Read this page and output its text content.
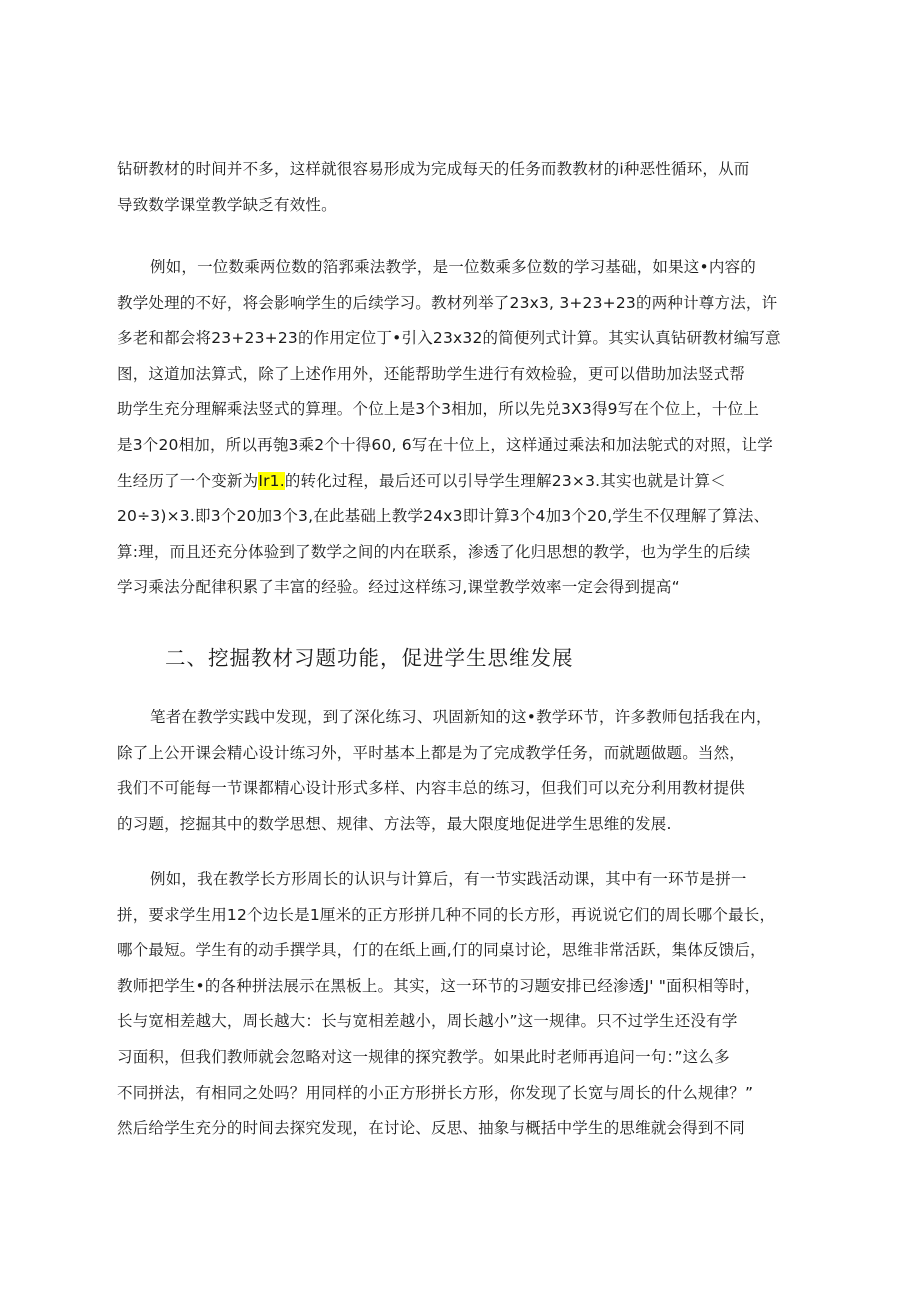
钻研教材的时间并不多，这样就很容易形成为完成每天的任务而教教材的i种恶性循环，从而
导致数学课堂教学缺乏有效性。
例如，一位数乘两位数的箔郛乘法教学，是一位数乘多位数的学习基础，如果这•内容的
教学处理的不好，将会影响学生的后续学习。教材列举了23x3, 3+23+23的两种计尊方法，许
多老和都会将23+23+23的作用定位丁•引入23x32的简便列式计算。其实认真钻研教材编写意
图，这道加法算式，除了上述作用外，还能帮助学生进行有效检验，更可以借助加法竖式帮
助学生充分理解乘法竖式的算理。个位上是3个3相加，所以先兑3X3得9写在个位上，十位上
是3个20相加，所以再匏3乘2个十得60, 6写在十位上，这样通过乘法和加法鸵式的对照，让学
生经历了一个变新为Ir1.的转化过程，最后还可以引导学生理解23×3.其实也就是计算＜
20÷3)×3.即3个20加3个3,在此基础上教学24x3即计算3个4加3个20,学生不仅理解了算法、
算:理，而且还充分体验到了数学之间的内在联系，渗透了化归思想的教学，也为学生的后续
学习乘法分配律积累了丰富的经验。经过这样练习,课堂教学效率一定会得到提高“
二、挖掘教材习题功能，促进学生思维发展
笔者在教学实践中发现，到了深化练习、巩固新知的这•教学环节，许多教师包括我在内，
除了上公开课会精心设计练习外，平时基本上都是为了完成教学任务，而就题做题。当然，
我们不可能每一节课都精心设计形式多样、内容丰总的练习，但我们可以充分利用教材提供
的习题，挖掘其中的数学思想、规律、方法等，最大限度地促进学生思维的发展.
例如，我在教学长方形周长的认识与计算后，有一节实践活动课，其中有一环节是拼一
拼，要求学生用12个边长是1厘米的正方形拼几种不同的长方形，再说说它们的周长哪个最长，
哪个最短。学生有的动手撰学具，仃的在纸上画,仃的同桌讨论，思维非常活跃，集体反馈后，
教师把学生•的各种拼法展示在黑板上。其实，这一环节的习题安排已经渗透J' "面积相等时，
长与宽相差越大，周长越大：长与宽相差越小，周长越小”这一规律。只不过学生还没有学
习面积，但我们教师就会忽略对这一规律的探究教学。如果此时老师再追问一句：”这么多
不同拼法，有相同之处吗？用同样的小正方形拼长方形，你发现了长宽与周长的什么规律？”
然后给学生充分的时间去探究发现，在讨论、反思、抽象与概括中学生的思维就会得到不同
